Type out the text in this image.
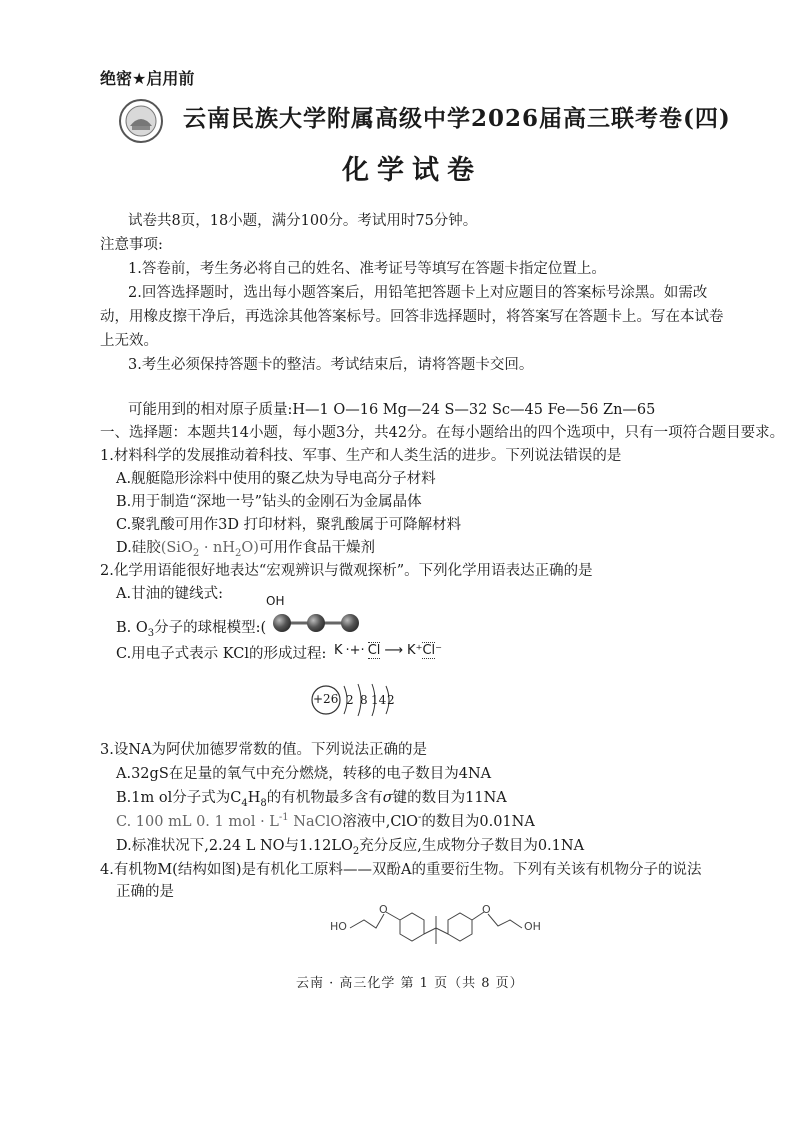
绝密★启用前
云南民族大学附属高级中学2026届高三联考卷(四)
化学试卷
试卷共8页，18小题，满分100分。考试用时75分钟。
注意事项:
1.答卷前，考生务必将自己的姓名、准考证号等填写在答题卡指定位置上。
2.回答选择题时，选出每小题答案后，用铅笔把答题卡上对应题目的答案标号涂黑。如需改
动，用橡皮擦干净后，再选涂其他答案标号。回答非选择题时，将答案写在答题卡上。写在本试卷
上无效。
3.考生必须保持答题卡的整洁。考试结束后，请将答题卡交回。
可能用到的相对原子质量:H—1 O—16 Mg—24 S—32 Sc—45 Fe—56 Zn—65
一、选择题：本题共14小题，每小题3分，共42分。在每小题给出的四个选项中，只有一项符合题目要求。
1.材料科学的发展推动着科技、军事、生产和人类生活的进步。下列说法错误的是
A.舰艇隐形涂料中使用的聚乙炔为导电高分子材料
B.用于制造“深地一号”钻头的金刚石为金属晶体
C.聚乳酸可用作3D 打印材料，聚乳酸属于可降解材料
D.硅胶$(SiO_2 \cdot nH_2O)$可用作食品干燥剂
2.化学用语能很好地表达“宏观辨识与微观探析”。下列化学用语表达正确的是
A.甘油的键线式:	OH
B. $O_3$分子的球棍模型:(
C.用电子式表示 KCl的形成过程: K ·+· Cl ⟶ K⁺Cl⁻
+26 2 8 14 2
3.设NA为阿伏加德罗常数的值。下列说法正确的是
A.32gS在足量的氧气中充分燃烧，转移的电子数目为4NA
B.1m ol分子式为$C_4H_8$的有机物最多含有σ键的数目为11NA
C. 100 mL 0. 1 mol · $L^{-1}$ NaClO溶液中,ClO-的数目为0.01NA
D.标准状况下,2.24 L NO与$1.12LO_2$充分反应,生成物分子数目为0.1NA
4.有机物M(结构如图)是有机化工原料——双酚A的重要衍生物。下列有关该有机物分子的说法
正确的是
HO
O	O
OH
云南 · 高三化学 第 1 页（共 8 页）
